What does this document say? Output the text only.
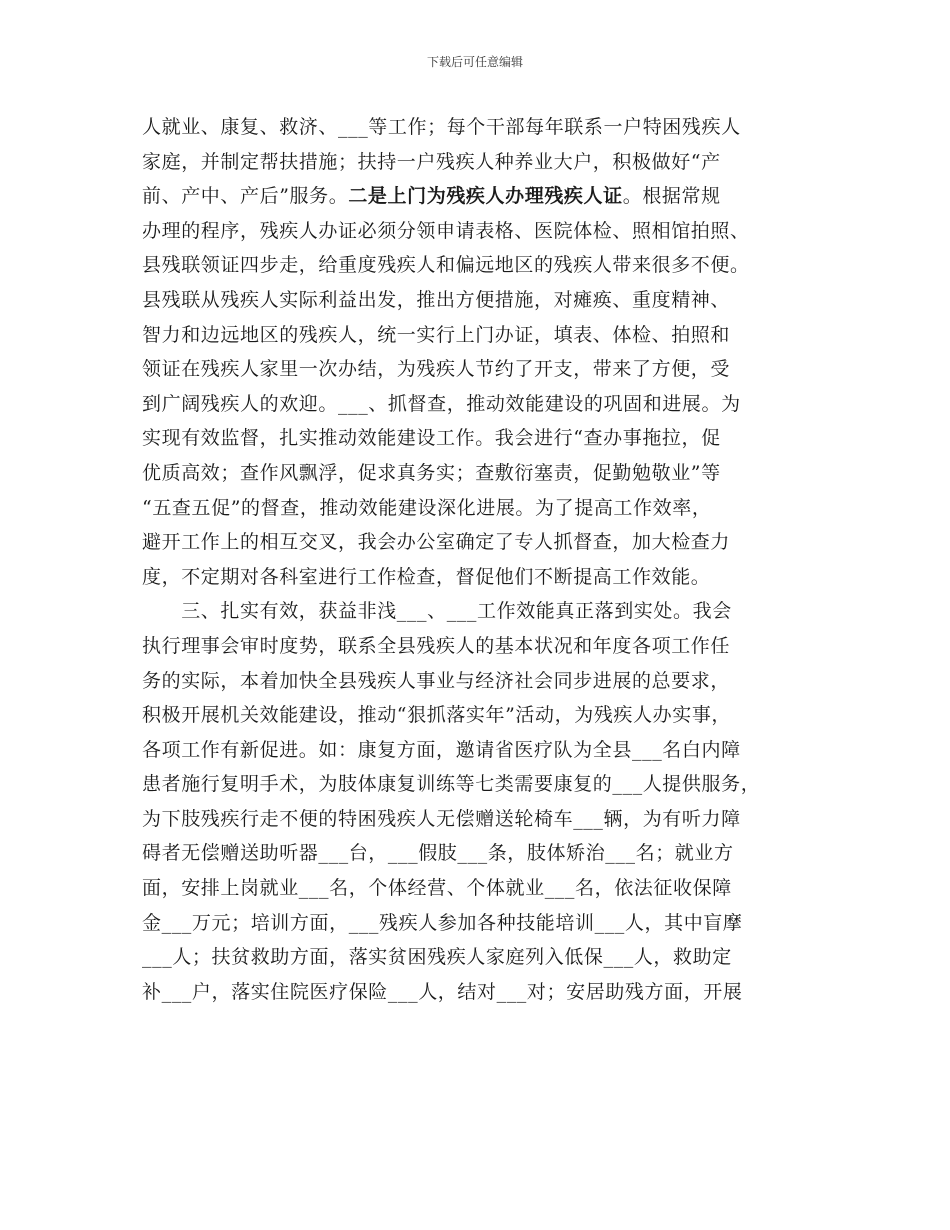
下载后可任意编辑
人就业、康复、救济、___等工作；每个干部每年联系一户特困残疾人
家庭，并制定帮扶措施；扶持一户残疾人种养业大户，积极做好“产
前、产中、产后”服务。二是上门为残疾人办理残疾人证。根据常规
办理的程序，残疾人办证必须分领申请表格、医院体检、照相馆拍照、
县残联领证四步走，给重度残疾人和偏远地区的残疾人带来很多不便。
县残联从残疾人实际利益出发，推出方便措施，对瘫痪、重度精神、
智力和边远地区的残疾人，统一实行上门办证，填表、体检、拍照和
领证在残疾人家里一次办结，为残疾人节约了开支，带来了方便，受
到广阔残疾人的欢迎。___、抓督查，推动效能建设的巩固和进展。为
实现有效监督，扎实推动效能建设工作。我会进行“查办事拖拉，促
优质高效；查作风飘浮，促求真务实；查敷衍塞责，促勤勉敬业”等
“五查五促”的督查，推动效能建设深化进展。为了提高工作效率，
避开工作上的相互交叉，我会办公室确定了专人抓督查，加大检查力
度，不定期对各科室进行工作检查，督促他们不断提高工作效能。
　　三、扎实有效，获益非浅___、___工作效能真正落到实处。我会
执行理事会审时度势，联系全县残疾人的基本状况和年度各项工作任
务的实际，本着加快全县残疾人事业与经济社会同步进展的总要求，
积极开展机关效能建设，推动“狠抓落实年”活动，为残疾人办实事，
各项工作有新促进。如：康复方面，邀请省医疗队为全县___名白内障
患者施行复明手术，为肢体康复训练等七类需要康复的___人提供服务，
为下肢残疾行走不便的特困残疾人无偿赠送轮椅车___辆，为有听力障
碍者无偿赠送助听器___台，___假肢___条，肢体矫治___名；就业方
面，安排上岗就业___名，个体经营、个体就业___名，依法征收保障
金___万元；培训方面，___残疾人参加各种技能培训___人，其中盲摩
___人；扶贫救助方面，落实贫困残疾人家庭列入低保___人，救助定
补___户，落实住院医疗保险___人，结对___对；安居助残方面，开展
